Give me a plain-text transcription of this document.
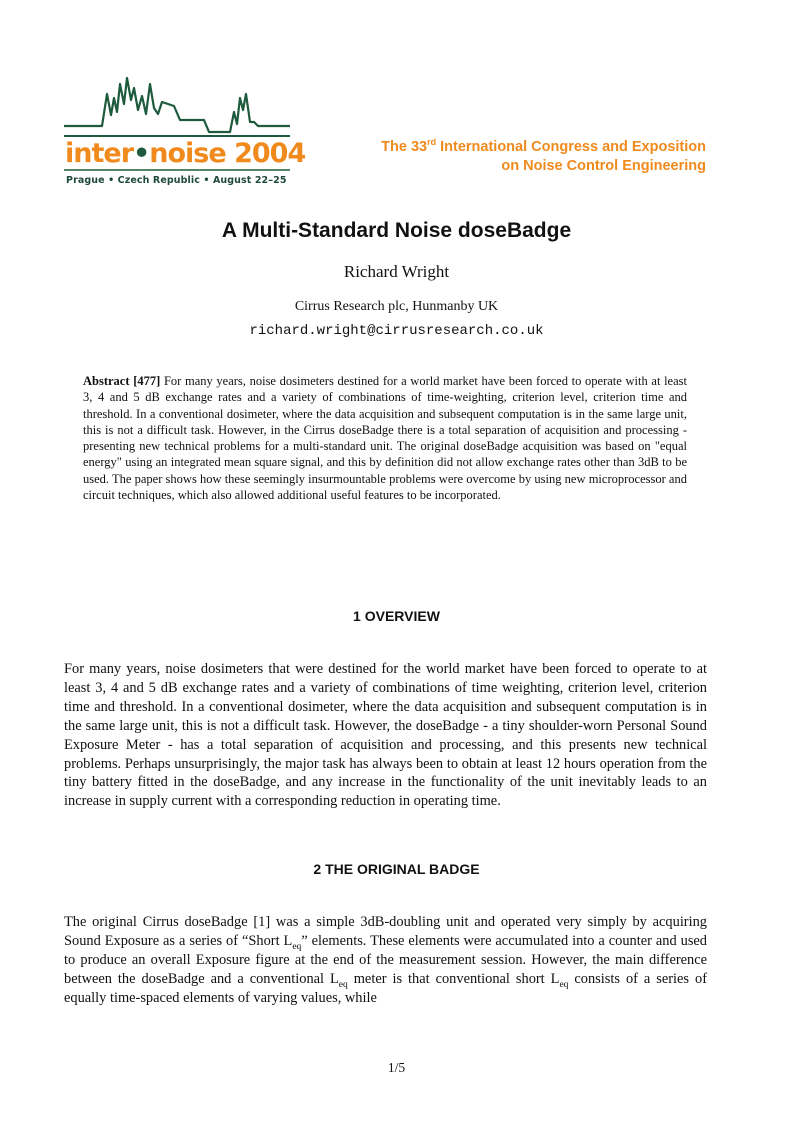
inter•noise 2004
Prague • Czech Republic • August 22–25
The 33rd International Congress and Exposition
on Noise Control Engineering
A Multi-Standard Noise doseBadge
Richard Wright
Cirrus Research plc, Hunmanby UK
richard.wright@cirrusresearch.co.uk
Abstract [477] For many years, noise dosimeters destined for a world market have been forced to operate with at least 3, 4 and 5 dB exchange rates and a variety of combinations of time-weighting, criterion level, criterion time and threshold. In a conventional dosimeter, where the data acquisition and subsequent computation is in the same large unit, this is not a difficult task. However, in the Cirrus doseBadge there is a total separation of acquisition and processing - presenting new technical problems for a multi-standard unit. The original doseBadge acquisition was based on "equal energy" using an integrated mean square signal, and this by definition did not allow exchange rates other than 3dB to be used. The paper shows how these seemingly insurmountable problems were overcome by using new microprocessor and circuit techniques, which also allowed additional useful features to be incorporated.
1 OVERVIEW
For many years, noise dosimeters that were destined for the world market have been forced to operate to at least 3, 4 and 5 dB exchange rates and a variety of combinations of time weighting, criterion level, criterion time and threshold. In a conventional dosimeter, where the data acquisition and subsequent computation is in the same large unit, this is not a difficult task. However, the doseBadge - a tiny shoulder-worn Personal Sound Exposure Meter - has a total separation of acquisition and processing, and this presents new technical problems. Perhaps unsurprisingly, the major task has always been to obtain at least 12 hours operation from the tiny battery fitted in the doseBadge, and any increase in the functionality of the unit inevitably leads to an increase in supply current with a corresponding reduction in operating time.
2 THE ORIGINAL BADGE
The original Cirrus doseBadge [1] was a simple 3dB-doubling unit and operated very simply by acquiring Sound Exposure as a series of “Short $L_{eq}$” elements. These elements were accumulated into a counter and used to produce an overall Exposure figure at the end of the measurement session. However, the main difference between the doseBadge and a conventional $L_{eq}$ meter is that conventional short $L_{eq}$ consists of a series of equally time-spaced elements of varying values, while
1/5
